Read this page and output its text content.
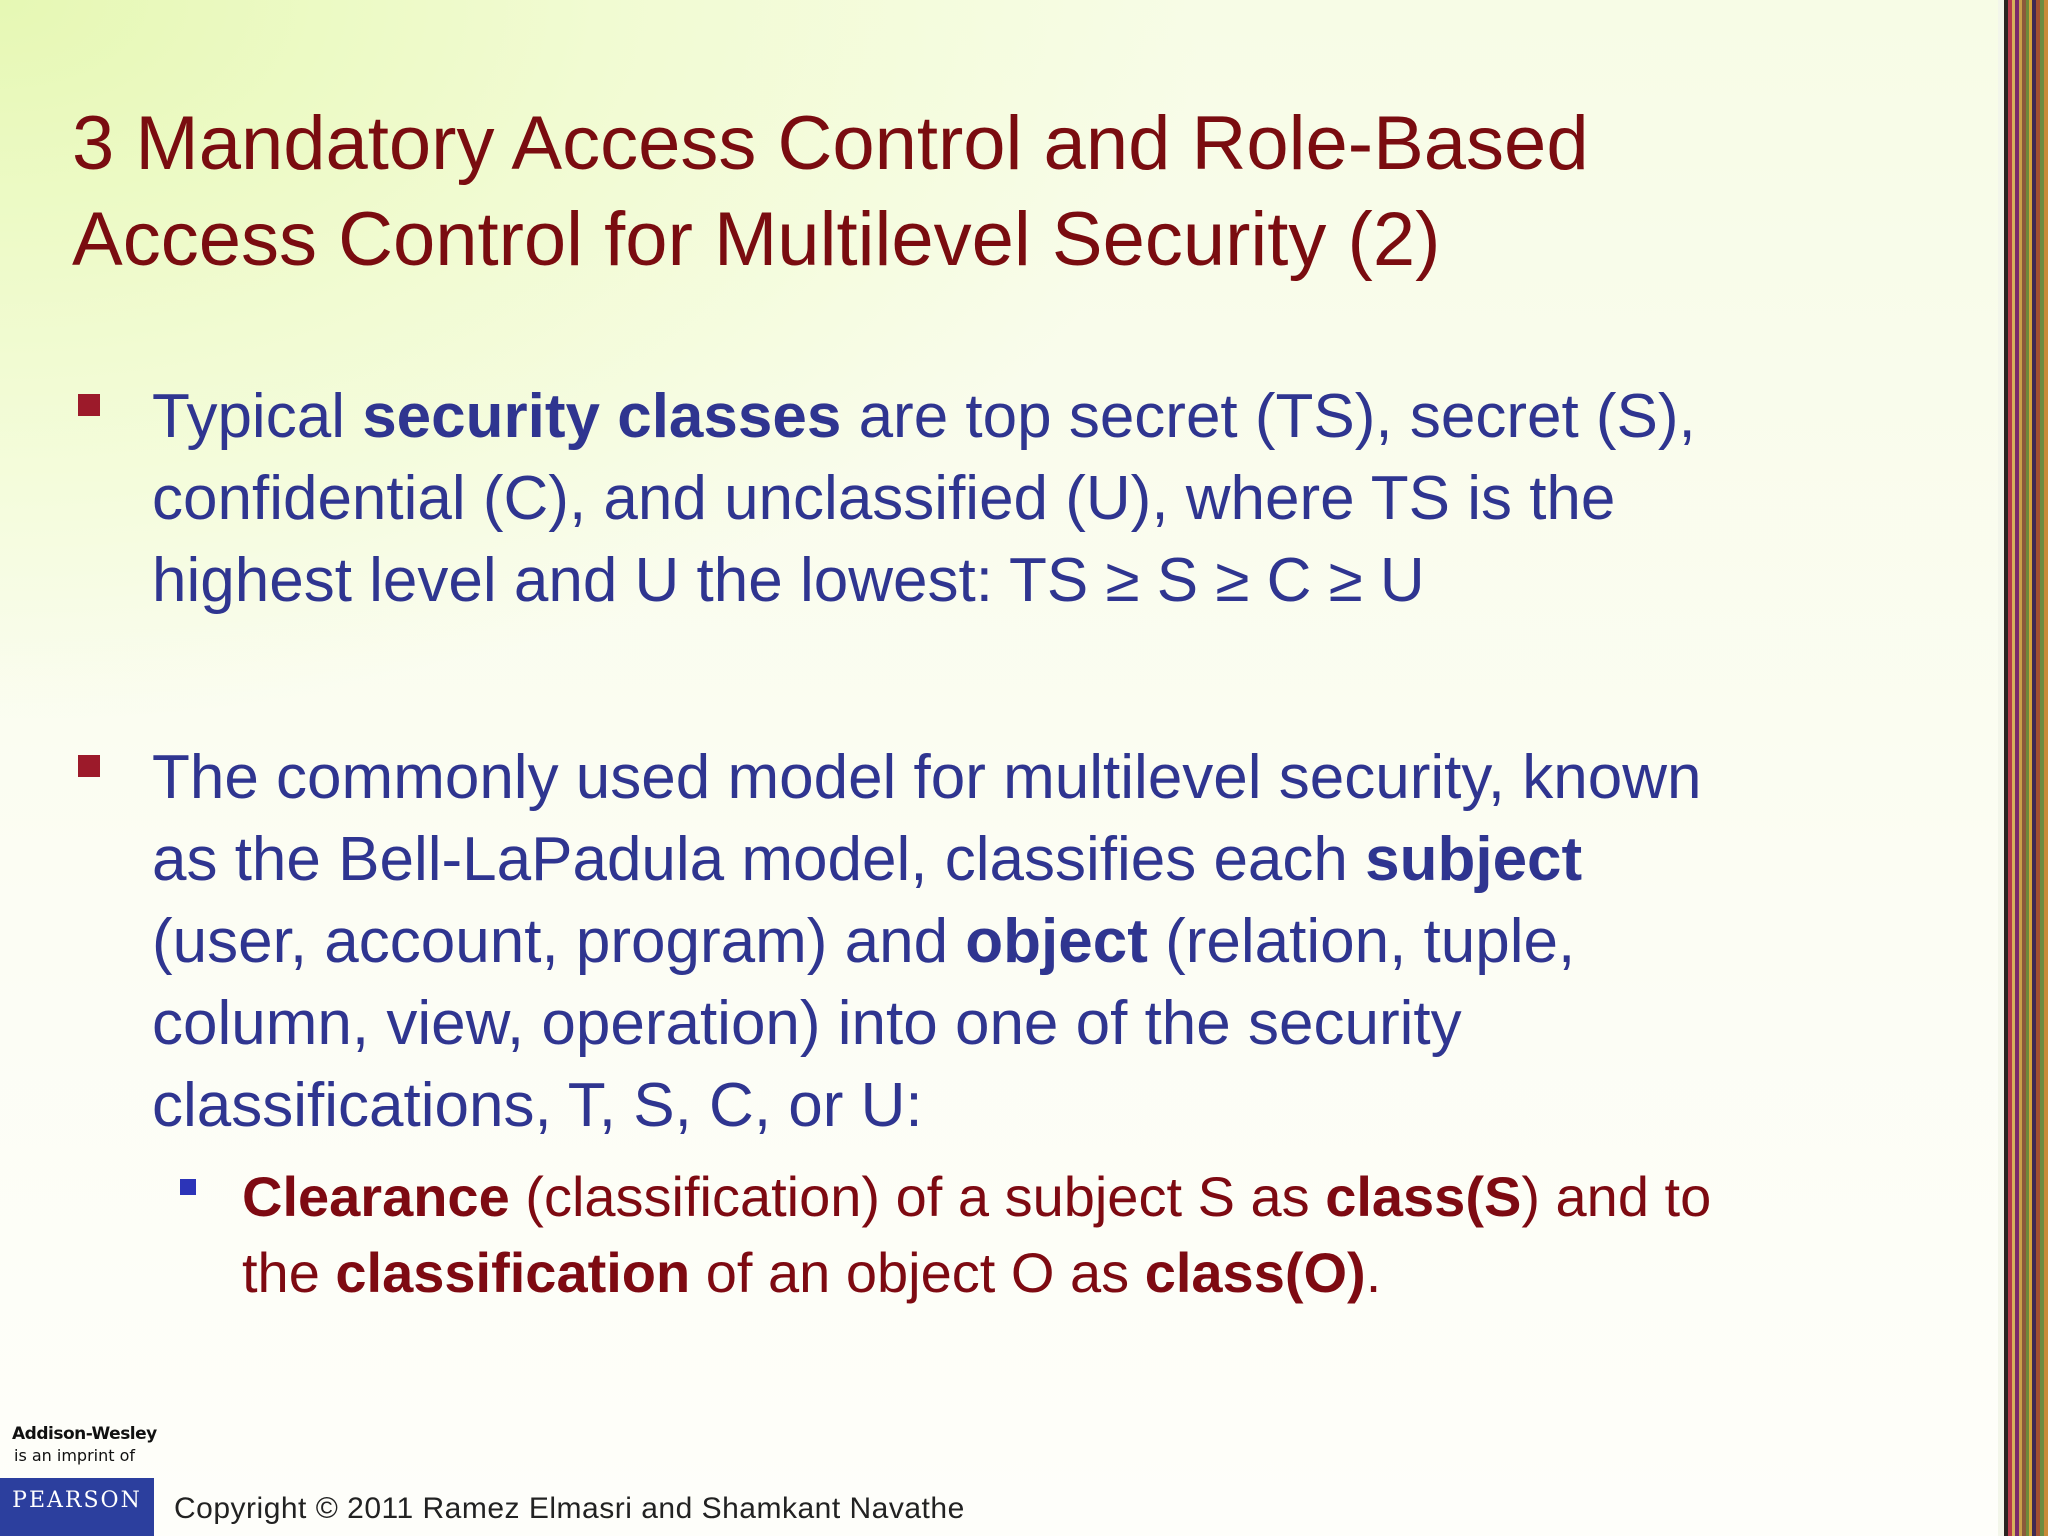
3 Mandatory Access Control and Role-Based
Access Control for Multilevel Security (2)
Typical security classes are top secret (TS), secret (S),
confidential (C), and unclassified (U), where TS is the
highest level and U the lowest: TS ≥ S ≥ C ≥ U
The commonly used model for multilevel security, known
as the Bell-LaPadula model, classifies each subject
(user, account, program) and object (relation, tuple,
column, view, operation) into one of the security
classifications, T, S, C, or U:
Clearance (classification) of a subject S as class(S) and to
the classification of an object O as class(O).
Addison-Wesley
is an imprint of
PEARSON	Copyright © 2011 Ramez Elmasri and Shamkant Navathe
